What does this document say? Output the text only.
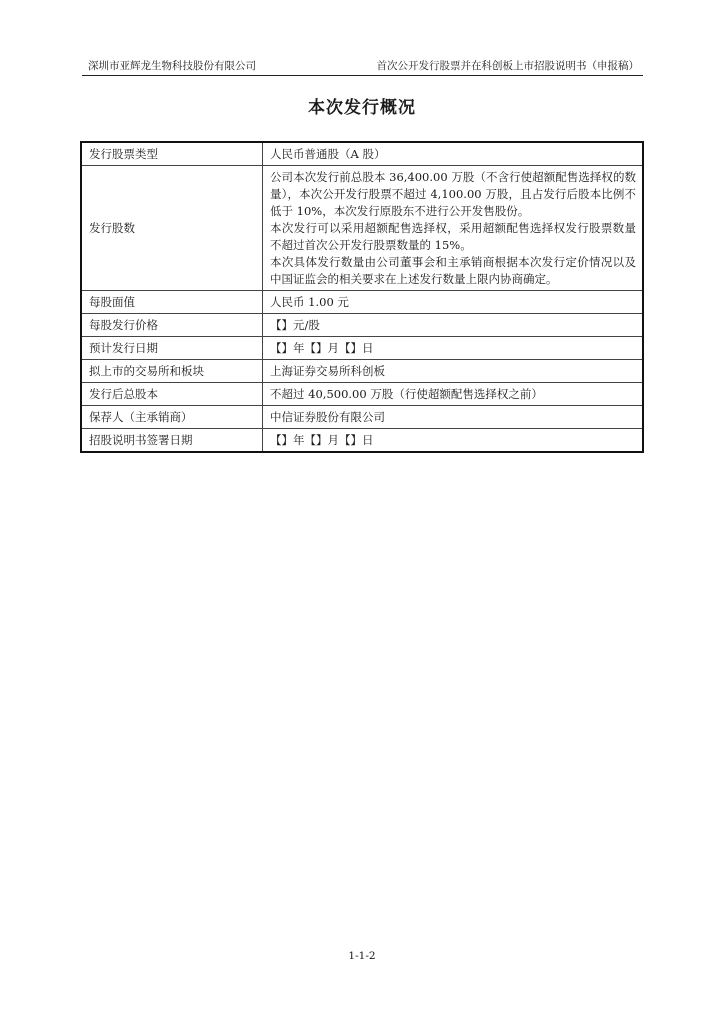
深圳市亚辉龙生物科技股份有限公司	首次公开发行股票并在科创板上市招股说明书（申报稿）
本次发行概况
发行股票类型	人民币普通股（A 股）

发行股数	公司本次发行前总股本 36,400.00 万股（不含行使超额配售选择权的数量），本次公开发行股票不超过 4,100.00 万股，且占发行后股本比例不低于 10%，本次发行原股东不进行公开发售股份。
本次发行可以采用超额配售选择权，采用超额配售选择权发行股票数量不超过首次公开发行股票数量的 15%。
本次具体发行数量由公司董事会和主承销商根据本次发行定价情况以及中国证监会的相关要求在上述发行数量上限内协商确定。

每股面值	人民币 1.00 元

每股发行价格	【】元/股

预计发行日期	【】年【】月【】日

拟上市的交易所和板块	上海证券交易所科创板

发行后总股本	不超过 40,500.00 万股（行使超额配售选择权之前）

保荐人（主承销商）	中信证券股份有限公司

招股说明书签署日期	【】年【】月【】日
1-1-2
